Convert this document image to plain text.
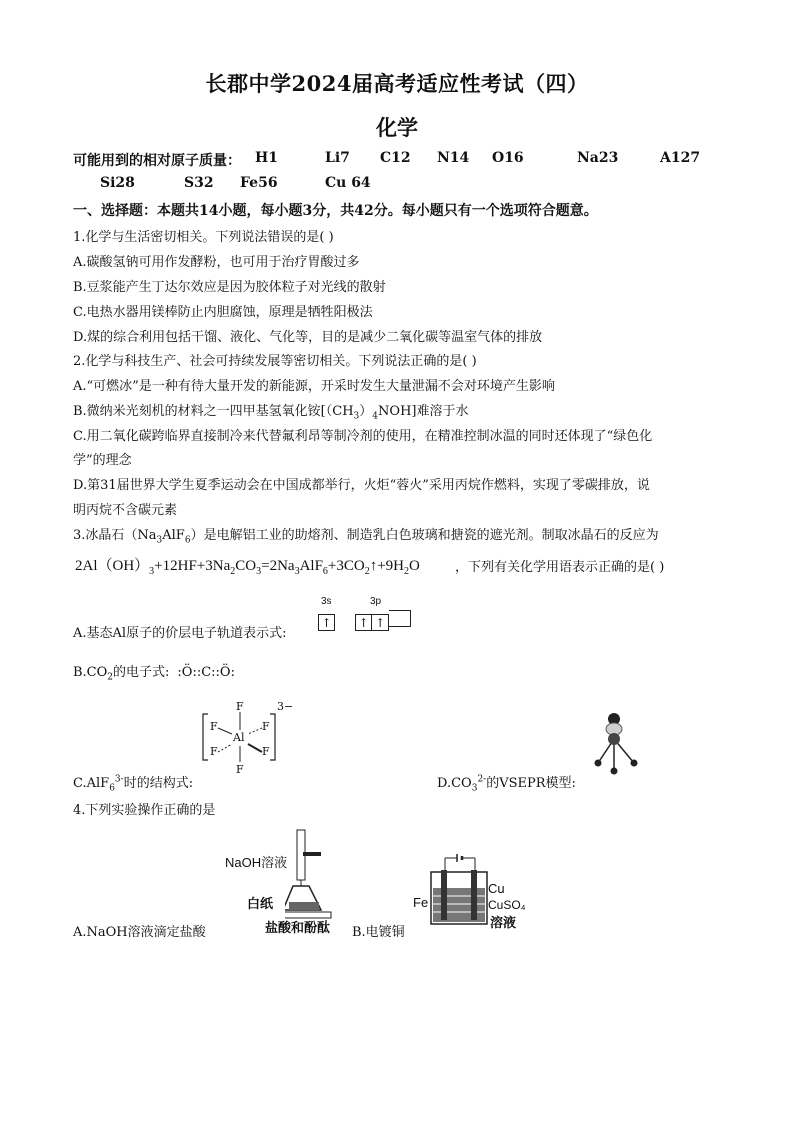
长郡中学2024届高考适应性考试（四）
化学
可能用到的相对原子质量： H1	Li7 C12 N14 O16	Na23	A127
Si28	S32 Fe56	Cu 64
一、选择题：本题共14小题，每小题3分，共42分。每小题只有一个选项符合题意。
1.化学与生活密切相关。下列说法错误的是( )
A.碳酸氢钠可用作发酵粉，也可用于治疗胃酸过多
B.豆浆能产生丁达尔效应是因为胶体粒子对光线的散射
C.电热水器用镁棒防止内胆腐蚀，原理是牺牲阳极法
D.煤的综合利用包括干馏、液化、气化等，目的是减少二氧化碳等温室气体的排放
2.化学与科技生产、社会可持续发展等密切相关。下列说法正确的是( )
A.“可燃冰”是一种有待大量开发的新能源，开采时发生大量泄漏不会对环境产生影响
B.微纳米光刻机的材料之一四甲基氢氧化铵$[(CH_3)_4NOH]$难溶于水
C.用二氧化碳跨临界直接制冷来代替氟利昂等制冷剂的使用，在精准控制冰温的同时还体现了“绿色化
学”的理念
D.第31届世界大学生夏季运动会在中国成都举行，火炬“蓉火”采用丙烷作燃料，实现了零碳排放，说
明丙烷不含碳元素
3.冰晶石$(Na_3AlF_6)$是电解铝工业的助熔剂、制造乳白色玻璃和搪瓷的遮光剂。制取冰晶石的反应为
$2Al(OH)_3+12HF+3Na_2CO_3=2Na_3AlF_6+3CO_2↑+9H_2O$	，下列有关化学用语表示正确的是( )
A.基态Al原子的价层电子轨道表示式:
3s	3p
↑ ↑ ↑
$B.CO_2$的电子式: :Ö::C::Ö:
F
F	F
Al
F	F
F
3−
C.AlF$_6^{3-}$时的结构式:	$D.CO_3^{2-}$的VSEPR模型:
4.下列实验操作正确的是
NaOH溶液
白纸
盐酸和酚酞
A.NaOH溶液滴定盐酸
Fe
Cu
CuSO₄
溶液
B.电镀铜
